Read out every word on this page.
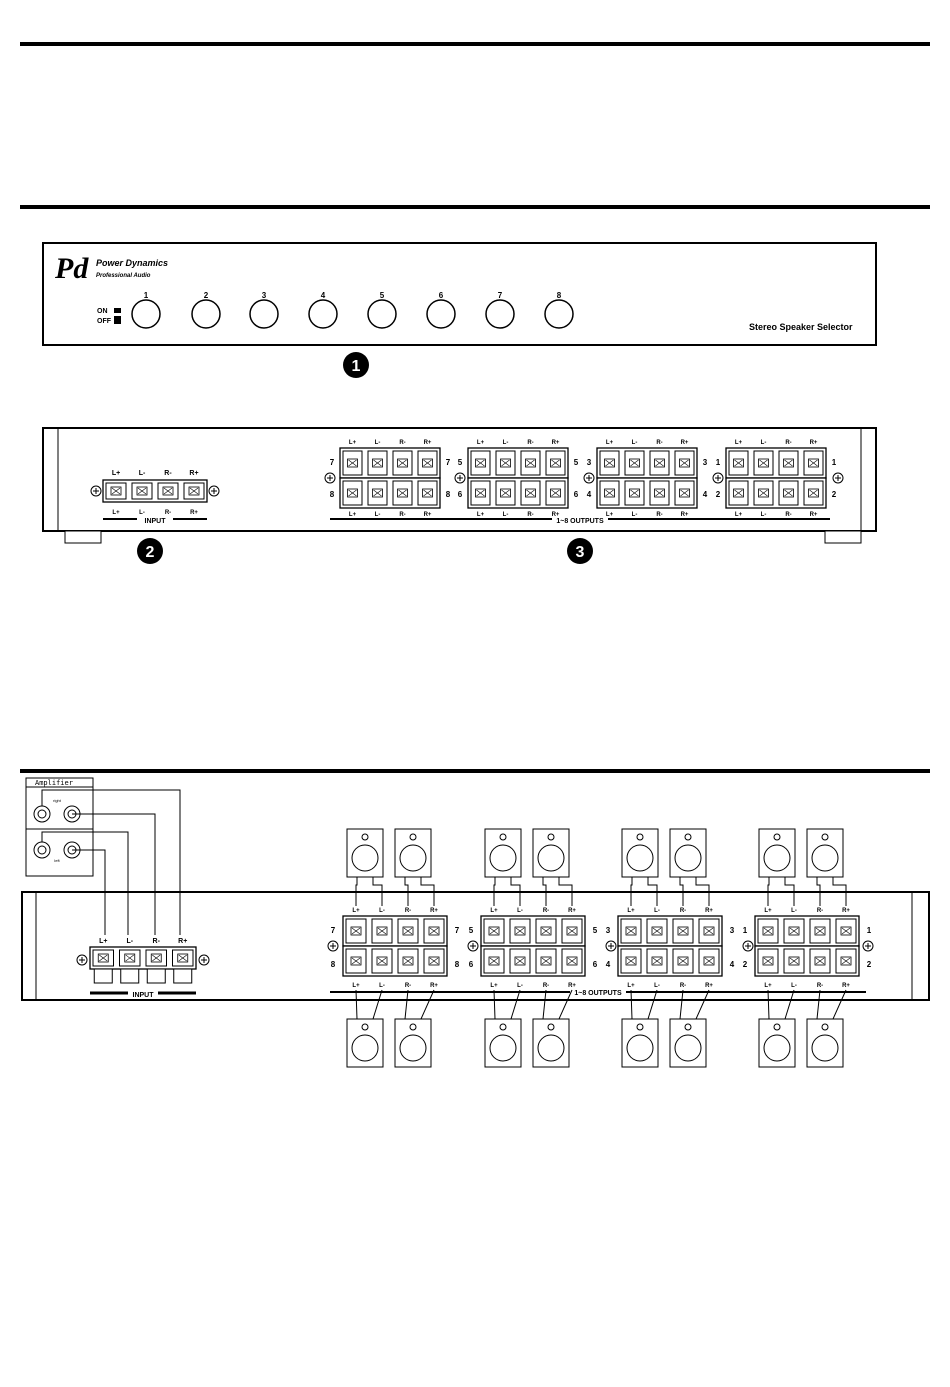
Pd Power Dynamics
Professional Audio
ON
OFF
1	2	3	4	5	6	7	8
Stereo Speaker Selector
1
L+
L+
L-
L-
R-
R-
R+
R+
INPUT
L+
L+
L-
L-
R-
R-
R+
R+
7
8
7
8
L+
L+
L-
L-
R-
R-
R+
R+
5
6
5
6
L+
L+
L-
L-
R-
R-
R+
R+
3
4
3
4
L+
L+
L-
L-
R-
R-
R+
R+
1
2
1
2
1~8 OUTPUTS
2	3
Amplifier
right
left
L+	L-	R-	R+
INPUT
L+
L+
L-
L-
R-
R-
R+
R+
7
8
7
8
L+
L+
L-
L-
R-
R-
R+
R+
5
6
5
6
L+
L+
L-
L-
R-
R-
R+
R+
3
4
3
4
L+
L+
L-
L-
R-
R-
R+
R+
1
2
1
2
1~8 OUTPUTS
